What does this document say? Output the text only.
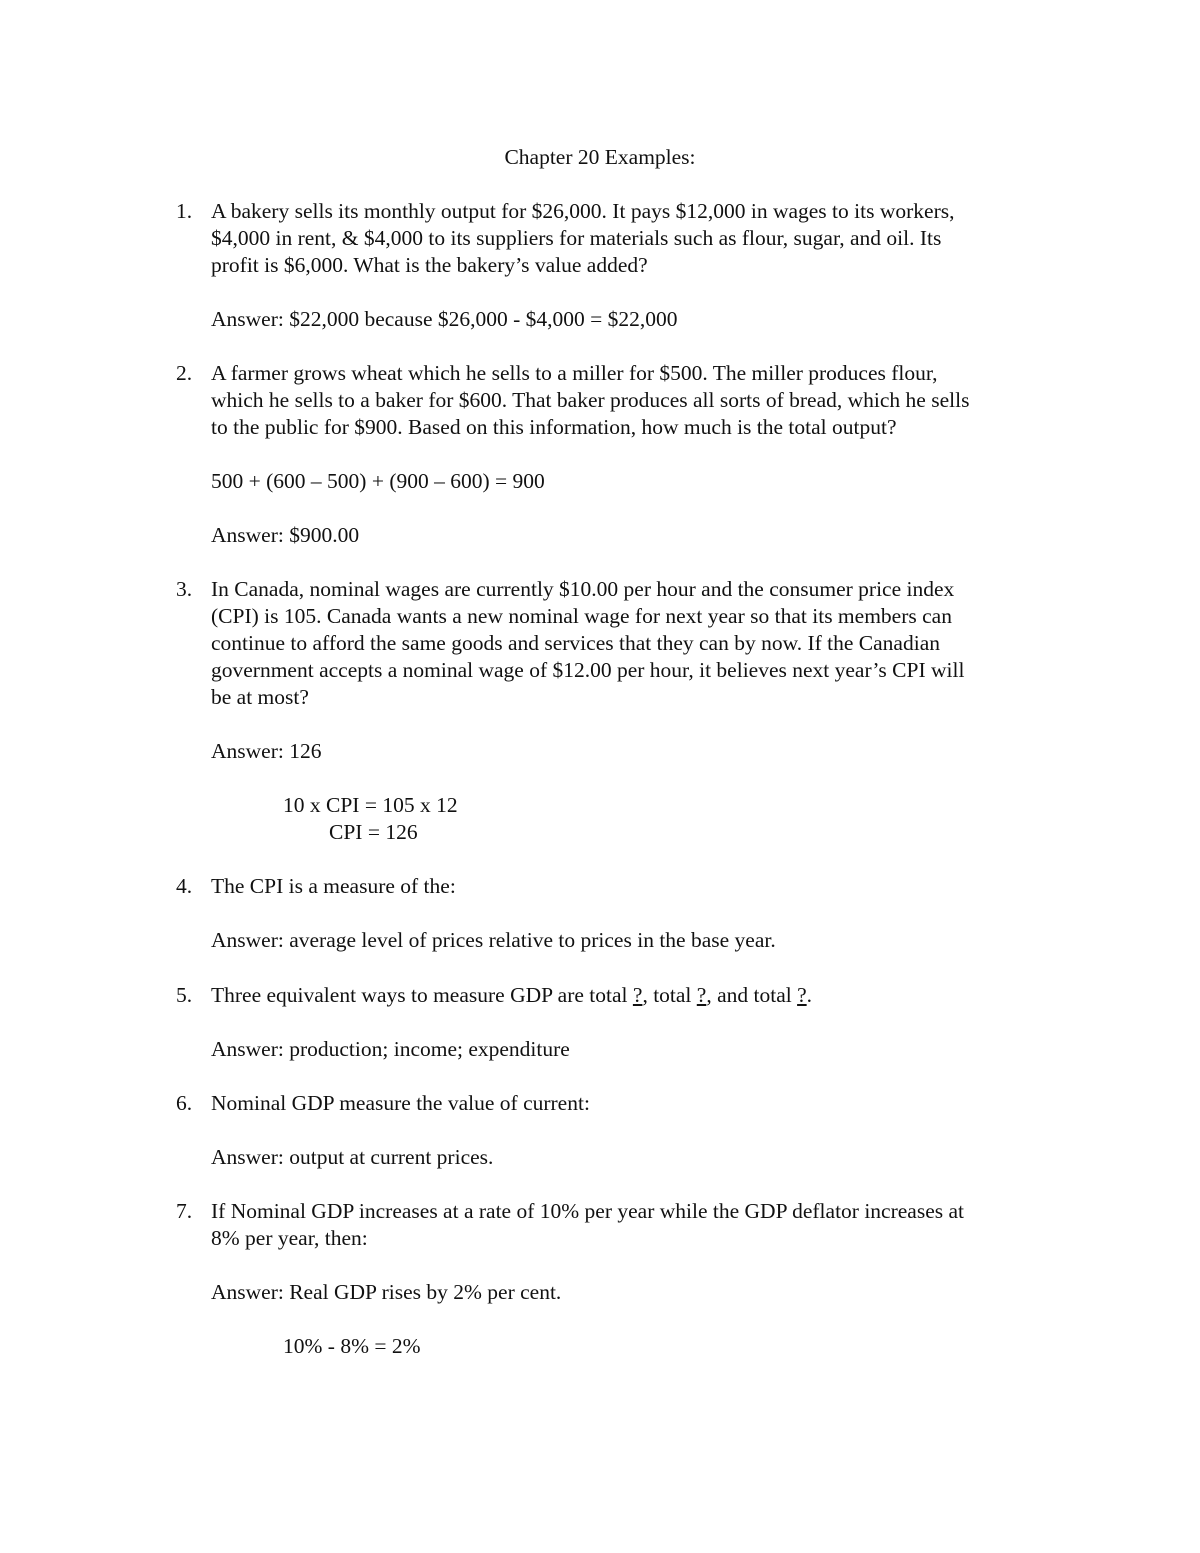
Chapter 20 Examples:
1. A bakery sells its monthly output for $26,000. It pays $12,000 in wages to its workers,
$4,000 in rent, & $4,000 to its suppliers for materials such as flour, sugar, and oil. Its
profit is $6,000. What is the bakery’s value added?

Answer: $22,000 because $26,000 - $4,000 = $22,000

2. A farmer grows wheat which he sells to a miller for $500. The miller produces flour,
which he sells to a baker for $600. That baker produces all sorts of bread, which he sells
to the public for $900. Based on this information, how much is the total output?

500 + (600 – 500) + (900 – 600) = 900

Answer: $900.00

3. In Canada, nominal wages are currently $10.00 per hour and the consumer price index
(CPI) is 105. Canada wants a new nominal wage for next year so that its members can
continue to afford the same goods and services that they can by now. If the Canadian
government accepts a nominal wage of $12.00 per hour, it believes next year’s CPI will
be at most?

Answer: 126

10 x CPI = 105 x 12

CPI = 126

4. The CPI is a measure of the:

Answer: average level of prices relative to prices in the base year.

5. Three equivalent ways to measure GDP are total ?, total ?, and total ?.

Answer: production; income; expenditure

6. Nominal GDP measure the value of current:

Answer: output at current prices.

7. If Nominal GDP increases at a rate of 10% per year while the GDP deflator increases at
8% per year, then:

Answer: Real GDP rises by 2% per cent.

10% - 8% = 2%
